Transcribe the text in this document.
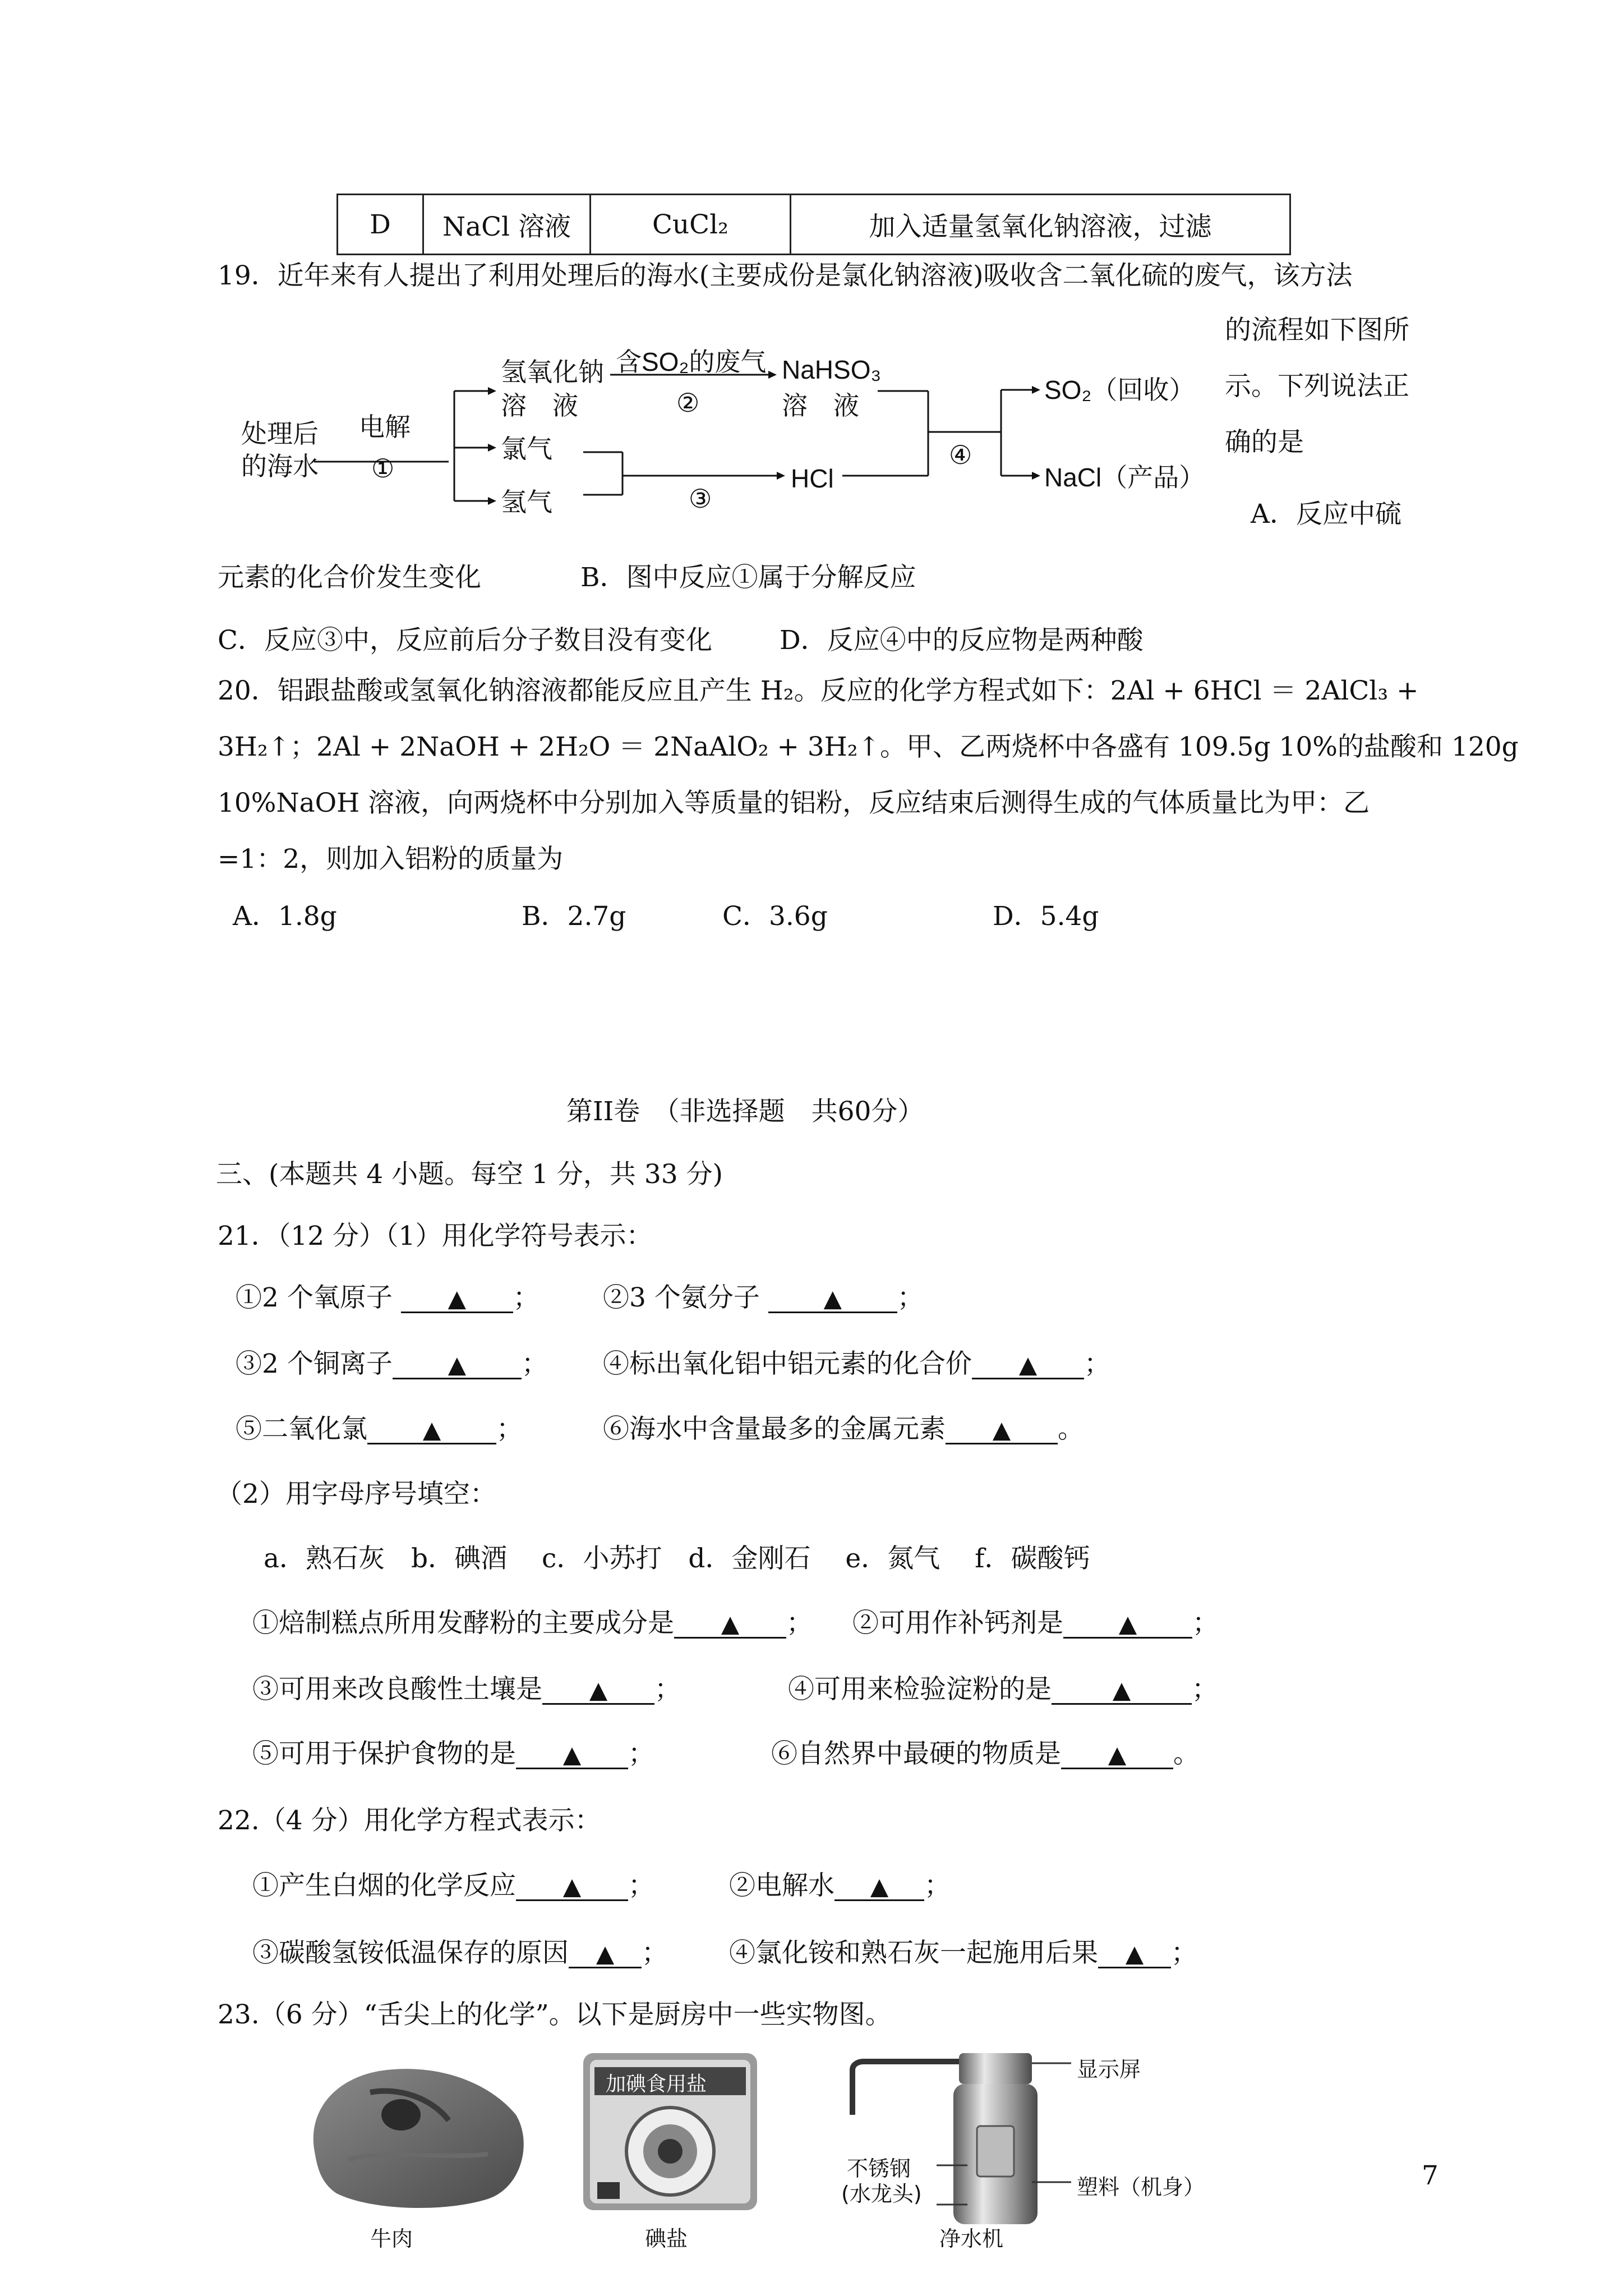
D	NaCl 溶液	CuCl₂	加入适量氢氧化钠溶液，过滤
19．近年来有人提出了利用处理后的海水(主要成份是氯化钠溶液)吸收含二氧化硫的废气，该方法
的流程如下图所
示。下列说法正
确的是
A．反应中硫
处理后
的海水
电解
①
氢氧化钠
溶　液
含SO₂的废气
②
NaHSO₃
溶　液
氯气
氢气	③
HCl
④
SO₂（回收）
NaCl（产品）
元素的化合价发生变化	B．图中反应①属于分解反应
C．反应③中，反应前后分子数目没有变化	D．反应④中的反应物是两种酸
20．铝跟盐酸或氢氧化钠溶液都能反应且产生 H₂。反应的化学方程式如下：2Al + 6HCl ＝ 2AlCl₃ +
3H₂↑；2Al + 2NaOH + 2H₂O ＝ 2NaAlO₂ + 3H₂↑。甲、乙两烧杯中各盛有 109.5g 10%的盐酸和 120g
10%NaOH 溶液，向两烧杯中分别加入等质量的铝粉，反应结束后测得生成的气体质量比为甲：乙
=1：2，则加入铝粉的质量为
A．1.8g	B．2.7g	C．3.6g	D．5.4g
第II卷　（非选择题　共60分）
三、(本题共 4 小题。每空 1 分，共 33 分)
21．（12 分）（1）用化学符号表示：
①2 个氧原子 ▲ ； ②3 个氨分子	▲ ；
③2 个铜离子 ▲ ； ④标出氧化铝中铝元素的化合价 ▲ ；
⑤二氧化氯 ▲ ；	⑥海水中含量最多的金属元素 ▲ 。
（2）用字母序号填空：
a．熟石灰　b．碘酒　 c．小苏打　d．金刚石　 e．氮气　 f．碳酸钙
①焙制糕点所用发酵粉的主要成分是 ▲ ； ②可用作补钙剂是 ▲ ；
③可用来改良酸性土壤是 ▲ ；	④可用来检验淀粉的是	▲ ；
⑤可用于保护食物的是 ▲ ；	⑥自然界中最硬的物质是 ▲ 。
22.（4 分）用化学方程式表示：
①产生白烟的化学反应 ▲ ；	②电解水 ▲ ；
③碳酸氢铵低温保存的原因 ▲ ； ④氯化铵和熟石灰一起施用后果 ▲ ；
23.（6 分）“舌尖上的化学”。以下是厨房中一些实物图。
牛肉
加碘食用盐
碘盐
显示屏
不锈钢
(水龙头)	塑料（机身）
净水机
7
